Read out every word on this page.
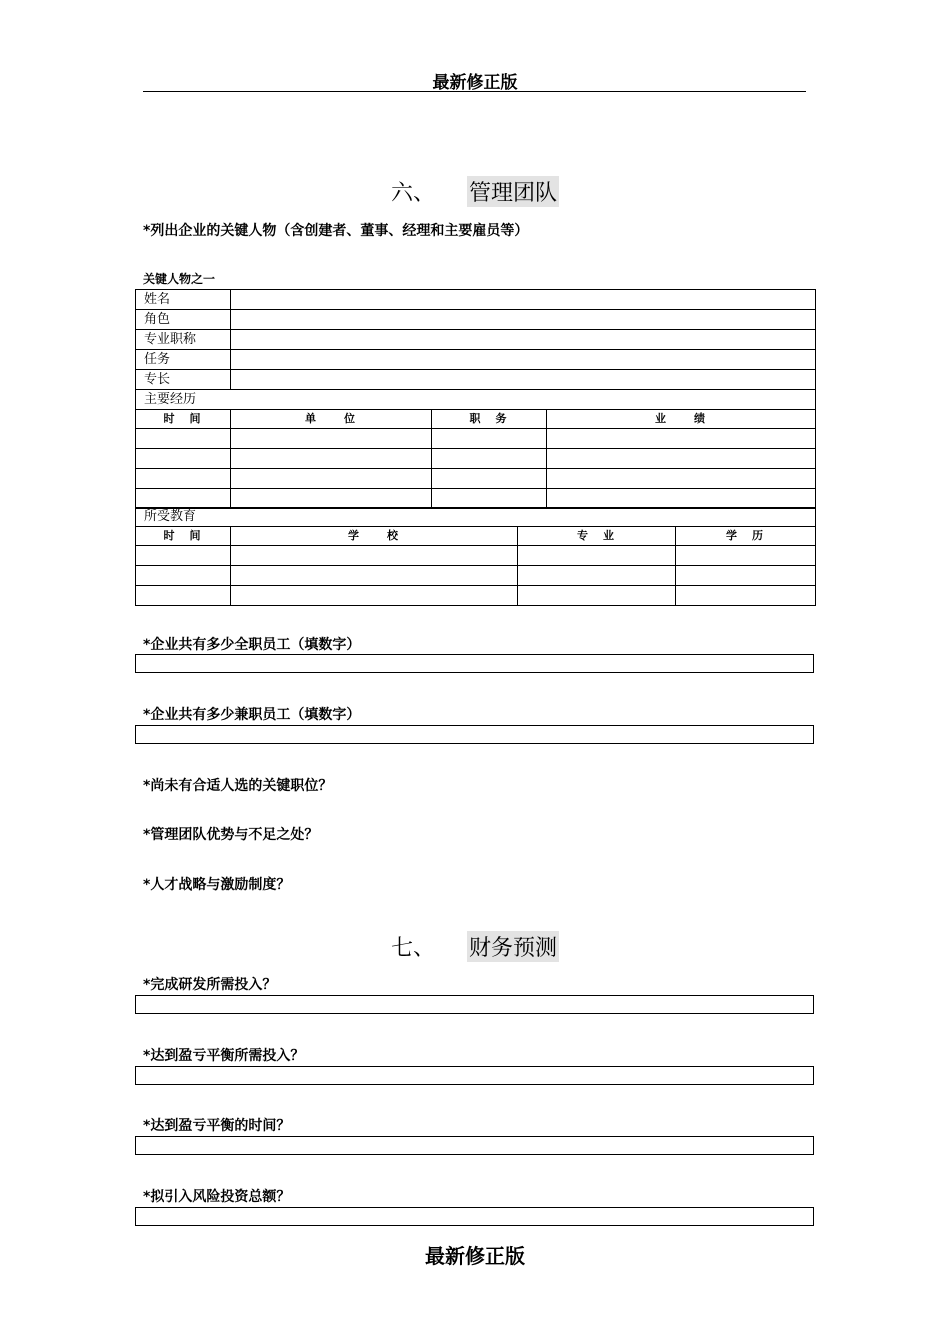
最新修正版
六、 管理团队
*列出企业的关键人物（含创建者、董事、经理和主要雇员等）
关键人物之一
姓名	
角色	
专业职称	
任务	
专长	
主要经历	
时　间	单　　位	职　务	业　　绩

所受教育
时　间	学　　校	专　业	学　历

*企业共有多少全职员工（填数字）
*企业共有多少兼职员工（填数字）
*尚未有合适人选的关键职位？
*管理团队优势与不足之处？
*人才战略与激励制度？
七、 财务预测
*完成研发所需投入？
*达到盈亏平衡所需投入？
*达到盈亏平衡的时间？
*拟引入风险投资总额？
最新修正版
